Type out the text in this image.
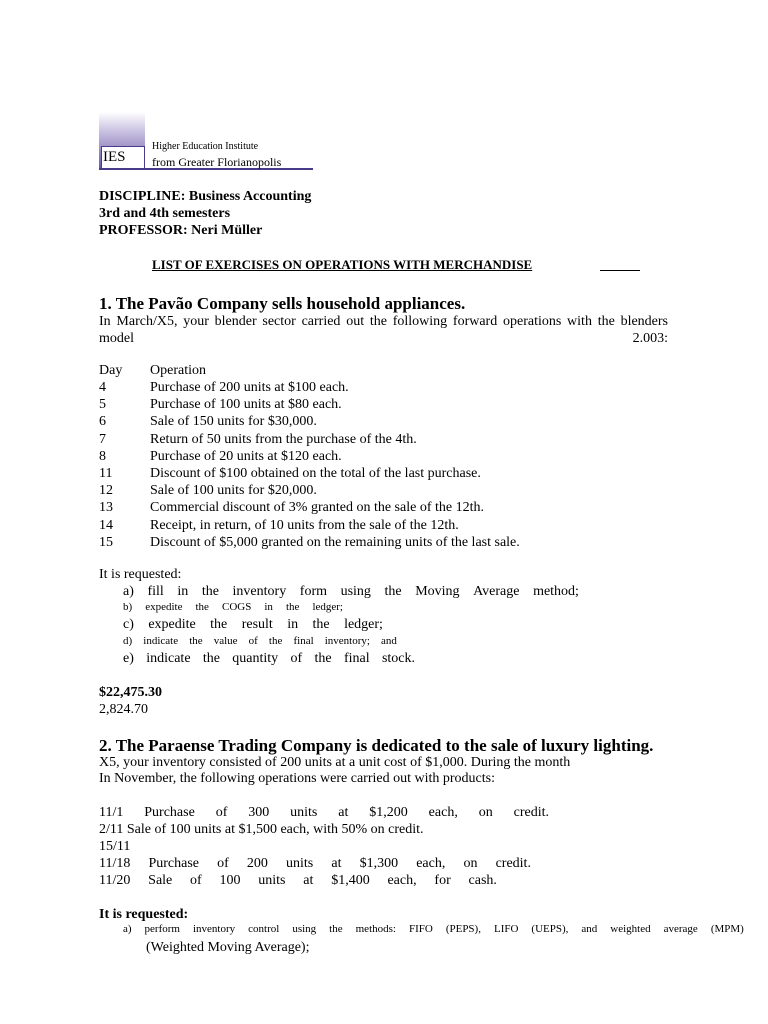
IES
Higher Education Institute
from Greater Florianopolis
DISCIPLINE: Business Accounting
3rd and 4th semesters
PROFESSOR: Neri Müller
LIST OF EXERCISES ON OPERATIONS WITH MERCHANDISE
1. The Pavão Company sells household appliances.
In March/X5, your blender sector carried out the following forward operations with the blenders model 2.003:
Day Operation
4	Purchase of 200 units at $100 each.
5	Purchase of 100 units at $80 each.
6	Sale of 150 units for $30,000.
7	Return of 50 units from the purchase of the 4th.
8	Purchase of 20 units at $120 each.
11	Discount of $100 obtained on the total of the last purchase.
12	Sale of 100 units for $20,000.
13	Commercial discount of 3% granted on the sale of the 12th.
14	Receipt, in return, of 10 units from the sale of the 12th.
15	Discount of $5,000 granted on the remaining units of the last sale.
It is requested:
a) fill in the inventory form using the Moving Average method;
b) expedite the COGS in the ledger;
c) expedite the result in the ledger;
d) indicate the value of the final inventory; and
e) indicate the quantity of the final stock.
$22,475.30
2,824.70
2. The Paraense Trading Company is dedicated to the sale of luxury lighting.
X5, your inventory consisted of 200 units at a unit cost of $1,000. During the month
In November, the following operations were carried out with products:
11/1 Purchase of 300 units at $1,200 each, on credit.
2/11 Sale of 100 units at $1,500 each, with 50% on credit.
15/11
11/18 Purchase of 200 units at $1,300 each, on credit.
11/20 Sale of 100 units at $1,400 each, for cash.
It is requested:
a) perform inventory control using the methods: FIFO (PEPS), LIFO (UEPS), and weighted average (MPM)
(Weighted Moving Average);
